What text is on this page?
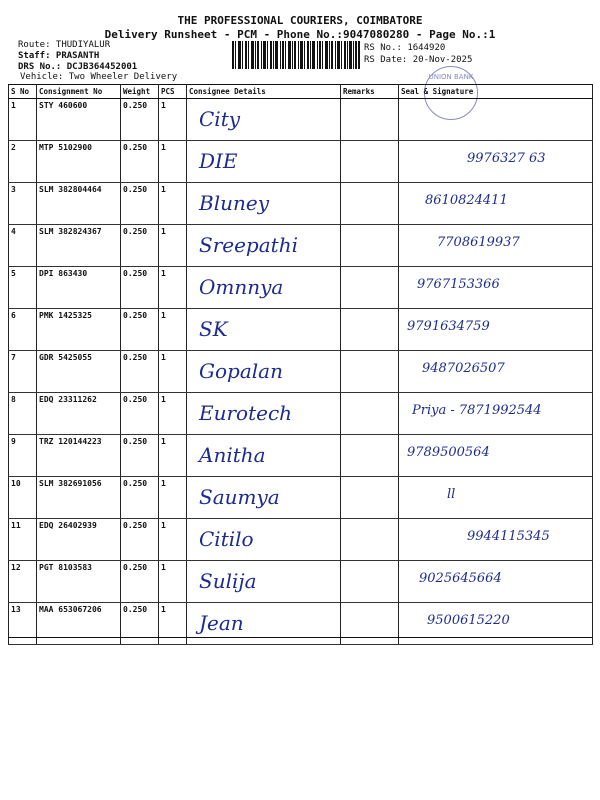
THE PROFESSIONAL COURIERS, COIMBATORE
Delivery Runsheet - PCM - Phone No.:9047080280 - Page No.:1
Route: THUDIYALUR
Staff: PRASANTH
DRS No.: DCJB364452001
Vehicle: Two Wheeler Delivery
RS No.: 1644920
RS Date: 20-Nov-2025
UNION BANK
S No	Consignment No	Weight	PCS	Consignee Details	Remarks	Seal & Signature
1	STY 460600	0.250	1	City		

2	MTP 5102900	0.250	1	DIE		9976327 63

3	SLM 382804464	0.250	1	Bluney		8610824411

4	SLM 382824367	0.250	1	Sreepathi		7708619937

5	DPI 863430	0.250	1	Omnnya		9767153366

6	PMK 1425325	0.250	1	SK		9791634759

7	GDR 5425055	0.250	1	Gopalan		9487026507

8	EDQ 23311262	0.250	1	Eurotech		Priya - 7871992544

9	TRZ 120144223	0.250	1	Anitha		9789500564

10	SLM 382691056	0.250	1	Saumya		ll

11	EDQ 26402939	0.250	1	Citilo		9944115345

12	PGT 8103583	0.250	1	Sulija		9025645664

13	MAA 653067206	0.250	1	Jean		9500615220
